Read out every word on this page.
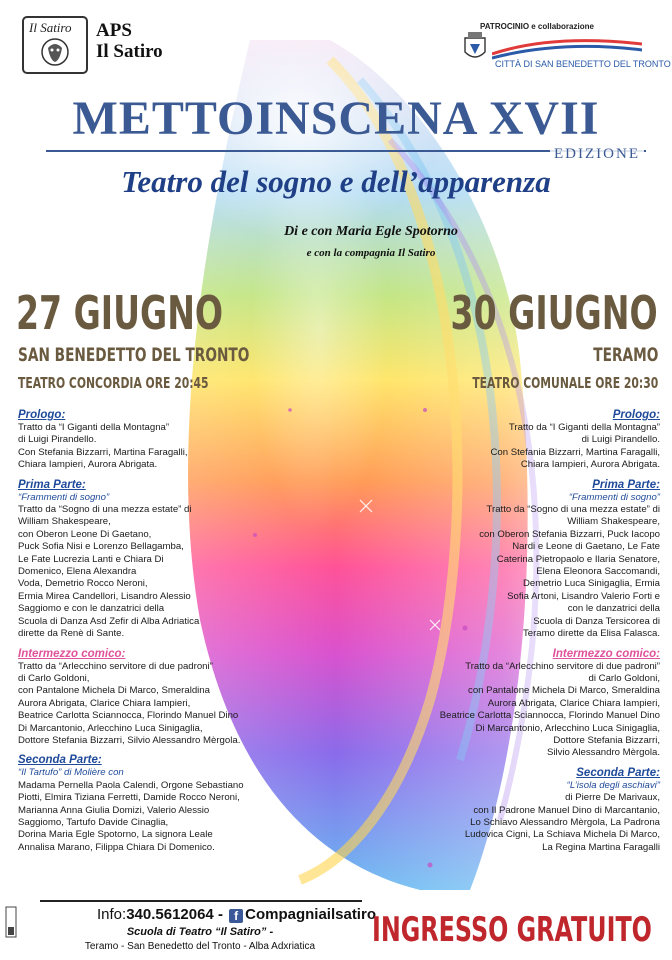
Il Satiro APS
Il Satiro
PATROCINIO e collaborazione
CITTÀ DI SAN BENEDETTO DEL TRONTO
METTOINSCENA XVII
EDIZIONE
Teatro del sogno e dell’apparenza
Di e con Maria Egle Spotorno
e con la compagnia Il Satiro
27 GIUGNO	30 GIUGNO
SAN BENEDETTO DEL TRONTO	TERAMO
TEATRO CONCORDIA ORE 20:45	TEATRO COMUNALE ORE 20:30
Prologo:
Tratto da “I Giganti della Montagna”
di Luigi Pirandello.
Con Stefania Bizzarri, Martina Faragalli,
Chiara Iampieri, Aurora Abrigata.
Prima Parte:
“Frammenti di sogno”
Tratto da “Sogno di una mezza estate” di
William Shakespeare,
con Oberon Leone Di Gaetano,
Puck Sofia Nisi e Lorenzo Bellagamba,
Le Fate Lucrezia Lanti e Chiara Di
Domenico, Elena Alexandra
Voda, Demetrio Rocco Neroni,
Ermia Mirea Candellori, Lisandro Alessio
Saggiomo e con le danzatrici della
Scuola di Danza Asd Zefir di Alba Adriatica
dirette da Renè di Sante.
Intermezzo comico:
Tratto da “Arlecchino servitore di due padroni”
di Carlo Goldoni,
con Pantalone Michela Di Marco, Smeraldina
Aurora Abrigata, Clarice Chiara Iampieri,
Beatrice Carlotta Sciannocca, Florindo Manuel Dino
Di Marcantonio, Arlecchino Luca Sinigaglia,
Dottore Stefania Bizzarri, Silvio Alessandro Mèrgola.
Seconda Parte:
“Il Tartufo” di Molière con
Madama Pernella Paola Calendi, Orgone Sebastiano
Piotti, Elmira Tiziana Ferretti, Damide Rocco Neroni,
Marianna Anna Giulia Domizi, Valerio Alessio
Saggiomo, Tartufo Davide Cinaglia,
Dorina Maria Egle Spotorno, La signora Leale
Annalisa Marano, Filippa Chiara Di Domenico.
Prologo:
Tratto da “I Giganti della Montagna”
di Luigi Pirandello.
Con Stefania Bizzarri, Martina Faragalli,
Chiara Iampieri, Aurora Abrigata.
Prima Parte:
“Frammenti di sogno”
Tratto da “Sogno di una mezza estate” di
William Shakespeare,
con Oberon Stefania Bizzarri, Puck Iacopo
Nardi e Leone di Gaetano, Le Fate
Caterina Pietropaolo e Ilaria Senatore,
Elena Eleonora Saccomandi,
Demetrio Luca Sinigaglia, Ermia
Sofia Artoni, Lisandro Valerio Forti e
con le danzatrici della
Scuola di Danza Tersicorea di
Teramo dirette da Elisa Falasca.
Intermezzo comico:
Tratto da “Arlecchino servitore di due padroni”
di Carlo Goldoni,
con Pantalone Michela Di Marco, Smeraldina
Aurora Abrigata, Clarice Chiara Iampieri,
Beatrice Carlotta Sciannocca, Florindo Manuel Dino
Di Marcantonio, Arlecchino Luca Sinigaglia,
Dottore Stefania Bizzarri,
Silvio Alessandro Mèrgola.
Seconda Parte:
“L’isola degli aschiavi”
di Pierre De Marivaux,
con Il Padrone Manuel Dino di Marcantanio,
Lo Schiavo Alessandro Mèrgola, La Padrona
Ludovica Cigni, La Schiava Michela Di Marco,
La Regina Martina Faragalli
Info:340.5612064 - f Compagniailsatiro
Scuola di Teatro “Il Satiro” -
Teramo - San Benedetto del Tronto - Alba Adxriatica	INGRESSO GRATUITO
